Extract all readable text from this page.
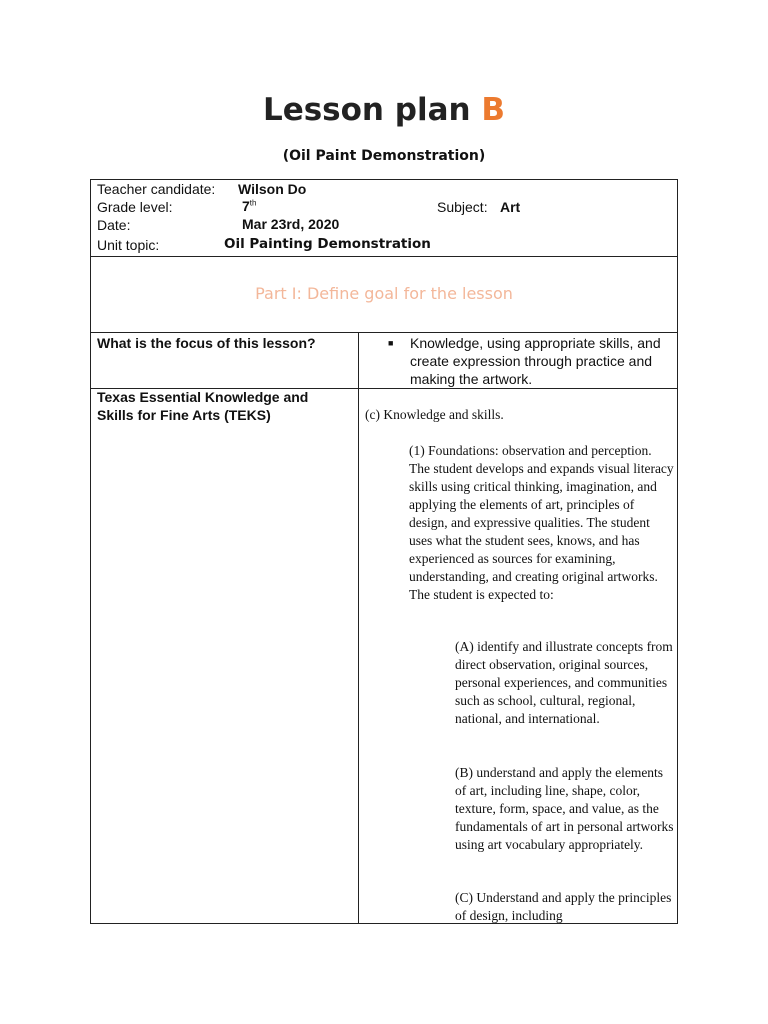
Lesson plan B
(Oil Paint Demonstration)
Teacher candidate: Wilson Do
Grade level:	7th	Subject: Art
Date:	Mar 23rd, 2020
Unit topic:	Oil Painting Demonstration
Part I: Define goal for the lesson
What is the focus of this lesson?	■ Knowledge, using appropriate skills, and create expression through practice and making the artwork.
Texas Essential Knowledge and Skills for Fine Arts (TEKS)	(c) Knowledge and skills.
(1) Foundations: observation and perception. The student develops and expands visual literacy skills using critical thinking, imagination, and applying the elements of art, principles of design, and expressive qualities. The student uses what the student sees, knows, and has experienced as sources for examining, understanding, and creating original artworks. The student is expected to:
(A) identify and illustrate concepts from direct observation, original sources, personal experiences, and communities such as school, cultural, regional, national, and international.
(B) understand and apply the elements of art, including line, shape, color, texture, form, space, and value, as the fundamentals of art in personal artworks using art vocabulary appropriately.
(C) Understand and apply the principles of design, including
